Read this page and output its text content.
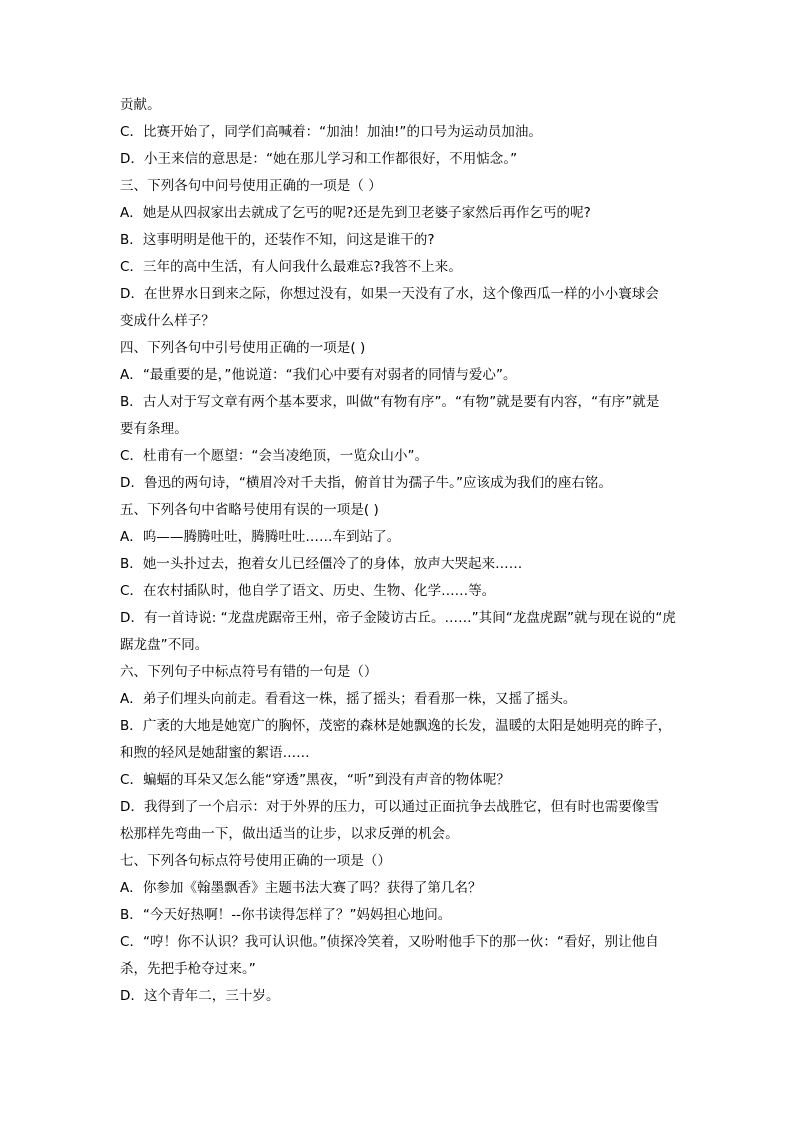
贡献。
C．比赛开始了，同学们高喊着：“加油！加油!”的口号为运动员加油。
D．小王来信的意思是：“她在那儿学习和工作都很好，不用惦念。”
三、下列各句中问号使用正确的一项是（ ）
A．她是从四叔家出去就成了乞丐的呢?还是先到卫老婆子家然后再作乞丐的呢?
B．这事明明是他干的，还装作不知，问这是谁干的?
C．三年的高中生活，有人问我什么最难忘?我答不上来。
D．在世界水日到来之际，你想过没有，如果一天没有了水，这个像西瓜一样的小小寰球会
变成什么样子？
四、下列各句中引号使用正确的一项是( )
A．“最重要的是，”他说道：“我们心中要有对弱者的同情与爱心”。
B．古人对于写文章有两个基本要求，叫做“有物有序”。“有物”就是要有内容，“有序”就是
要有条理。
C．杜甫有一个愿望：“会当凌绝顶，一览众山小”。
D．鲁迅的两句诗，“横眉冷对千夫指，俯首甘为孺子牛。”应该成为我们的座右铭。
五、下列各句中省略号使用有误的一项是( )
A．呜——腾腾吐吐，腾腾吐吐……车到站了。
B．她一头扑过去，抱着女儿已经僵冷了的身体，放声大哭起来……
C．在农村插队时，他自学了语文、历史、生物、化学……等。
D．有一首诗说: “龙盘虎踞帝王州，帝子金陵访古丘。……”其间“龙盘虎踞”就与现在说的“虎
踞龙盘”不同。
六、下列句子中标点符号有错的一句是（）
A．弟子们埋头向前走。看看这一株，摇了摇头；看看那一株，又摇了摇头。
B．广袤的大地是她宽广的胸怀，茂密的森林是她飘逸的长发，温暖的太阳是她明亮的眸子，
和煦的轻风是她甜蜜的絮语……
C．蝙蝠的耳朵又怎么能“穿透”黑夜，“听”到没有声音的物体呢？
D．我得到了一个启示：对于外界的压力，可以通过正面抗争去战胜它，但有时也需要像雪
松那样先弯曲一下，做出适当的让步，以求反弹的机会。
七、下列各句标点符号使用正确的一项是（）
A．你参加《翰墨飘香》主题书法大赛了吗？获得了第几名？
B．“今天好热啊！--你书读得怎样了？”妈妈担心地问。
C．“哼！你不认识？我可认识他。”侦探冷笑着，又吩咐他手下的那一伙：“看好，别让他自
杀，先把手枪夺过来。”
D．这个青年二，三十岁。
